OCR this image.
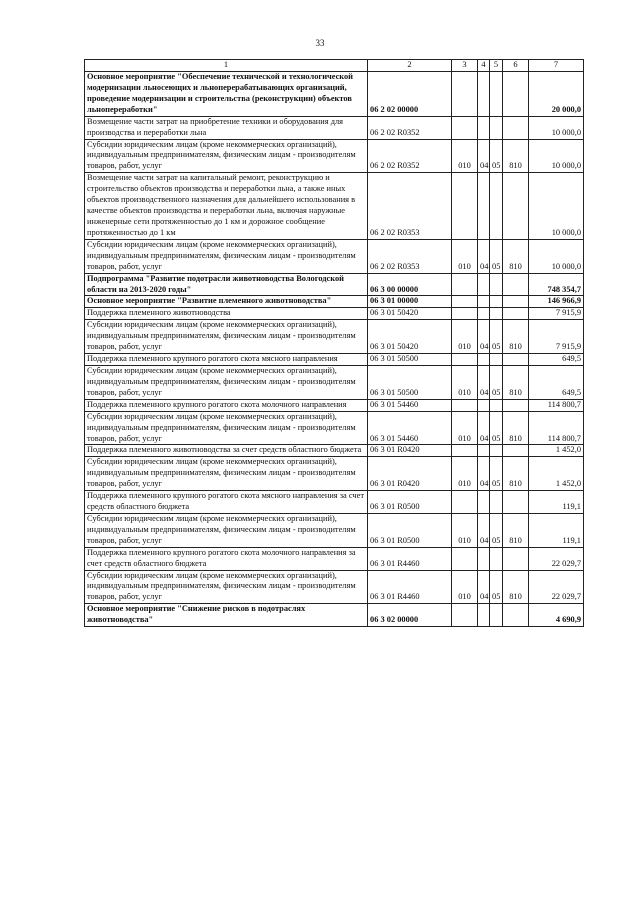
33
1	2	3	4	5	6	7
Основное мероприятие "Обеспечение технической и технологической модернизации льносеющих и льноперерабатывающих организаций, проведение модернизации и строительства (реконструкции) объектов льнопереработки"	06 2 02 00000					20 000,0
Возмещение части затрат на приобретение техники и оборудования для производства и переработки льна	06 2 02 R0352					10 000,0
Субсидии юридическим лицам (кроме некоммерческих организаций), индивидуальным предпринимателям, физическим лицам - производителям товаров, работ, услуг	06 2 02 R0352	010	04	05	810	10 000,0
Возмещение части затрат на капитальный ремонт, реконструкцию и строительство объектов производства и переработки льна, а также иных объектов производственного назначения для дальнейшего использования в качестве объектов производства и переработки льна, включая наружные инженерные сети протяженностью до 1 км и дорожное сообщение протяженностью до 1 км	06 2 02 R0353					10 000,0
Субсидии юридическим лицам (кроме некоммерческих организаций), индивидуальным предпринимателям, физическим лицам - производителям товаров, работ, услуг	06 2 02 R0353	010	04	05	810	10 000,0
Подпрограмма "Развитие подотрасли животноводства Вологодской области на 2013-2020 годы"	06 3 00 00000					748 354,7
Основное мероприятие "Развитие племенного животноводства"	06 3 01 00000					146 966,9
Поддержка племенного животноводства	06 3 01 50420					7 915,9
Субсидии юридическим лицам (кроме некоммерческих организаций), индивидуальным предпринимателям, физическим лицам - производителям товаров, работ, услуг	06 3 01 50420	010	04	05	810	7 915,9
Поддержка племенного крупного рогатого скота мясного направления	06 3 01 50500					649,5
Субсидии юридическим лицам (кроме некоммерческих организаций), индивидуальным предпринимателям, физическим лицам - производителям товаров, работ, услуг	06 3 01 50500	010	04	05	810	649,5
Поддержка племенного крупного рогатого скота молочного направления	06 3 01 54460					114 800,7
Субсидии юридическим лицам (кроме некоммерческих организаций), индивидуальным предпринимателям, физическим лицам - производителям товаров, работ, услуг	06 3 01 54460	010	04	05	810	114 800,7
Поддержка племенного животноводства за счет средств областного бюджета	06 3 01 R0420					1 452,0
Субсидии юридическим лицам (кроме некоммерческих организаций), индивидуальным предпринимателям, физическим лицам - производителям товаров, работ, услуг	06 3 01 R0420	010	04	05	810	1 452,0
Поддержка племенного крупного рогатого скота мясного направления за счет средств областного бюджета	06 3 01 R0500					119,1
Субсидии юридическим лицам (кроме некоммерческих организаций), индивидуальным предпринимателям, физическим лицам - производителям товаров, работ, услуг	06 3 01 R0500	010	04	05	810	119,1
Поддержка племенного крупного рогатого скота молочного направления за счет средств областного бюджета	06 3 01 R4460					22 029,7
Субсидии юридическим лицам (кроме некоммерческих организаций), индивидуальным предпринимателям, физическим лицам - производителям товаров, работ, услуг	06 3 01 R4460	010	04	05	810	22 029,7
Основное мероприятие "Снижение рисков в подотраслях животноводства"	06 3 02 00000					4 690,9
